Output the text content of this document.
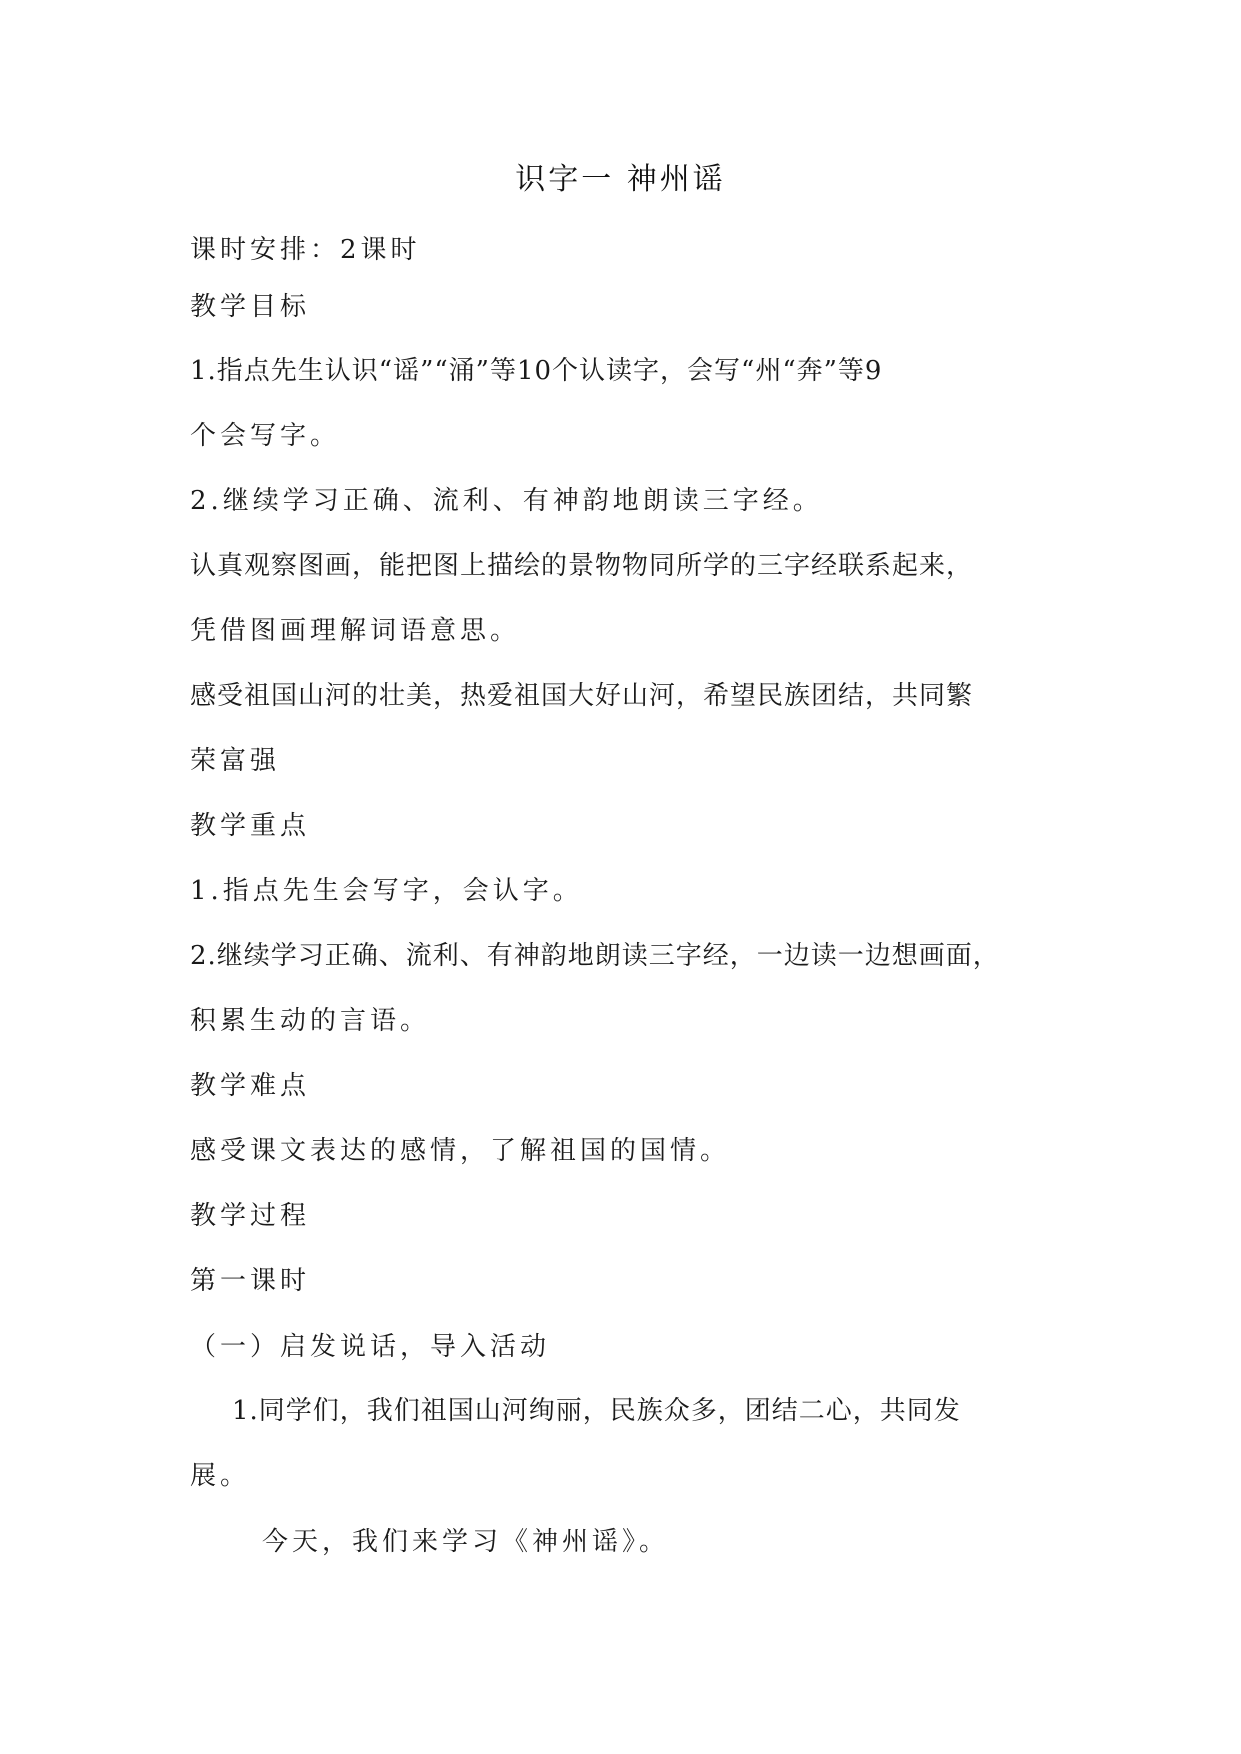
识字一 神州谣
课时安排：2课时
教学目标
1.指点先生认识“谣”“涌”等10个认读字，会写“州“奔”等9
个会写字。
2.继续学习正确、流利、有神韵地朗读三字经。
认真观察图画，能把图上描绘的景物物同所学的三字经联系起来，
凭借图画理解词语意思。
感受祖国山河的壮美，热爱祖国大好山河，希望民族团结，共同繁
荣富强
教学重点
1.指点先生会写字，会认字。
2.继续学习正确、流利、有神韵地朗读三字经，一边读一边想画面，
积累生动的言语。
教学难点
感受课文表达的感情，了解祖国的国情。
教学过程
第一课时
（一）启发说话，导入活动
1.同学们，我们祖国山河绚丽，民族众多，团结二心，共同发
展。
今天，我们来学习《神州谣》。
